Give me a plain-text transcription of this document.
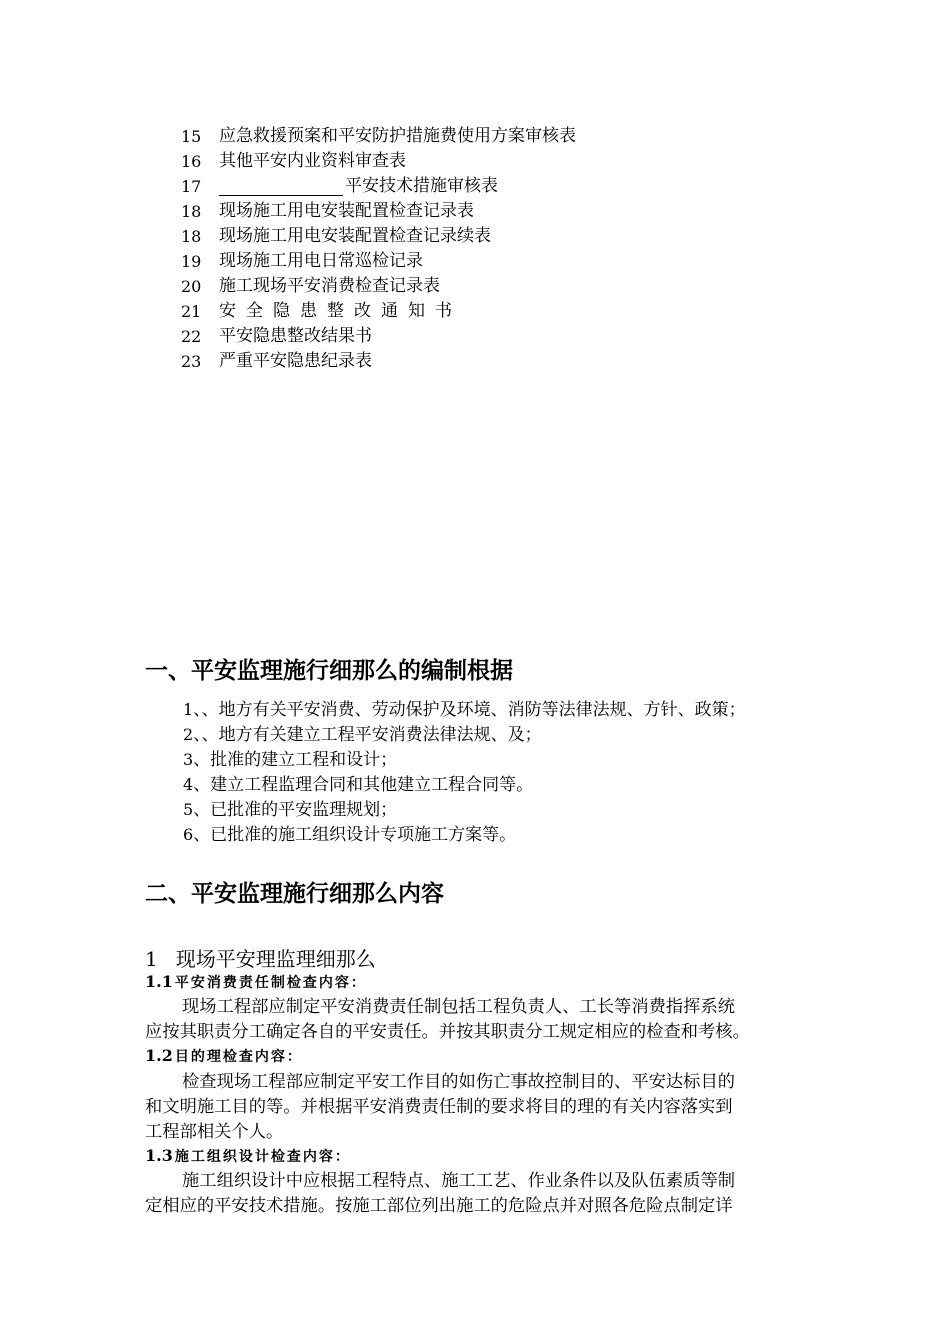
15	应急救援预案和平安防护措施费使用方案审核表
16	其他平安内业资料审查表
17	平安技术措施审核表
18	现场施工用电安装配置检查记录表
18	现场施工用电安装配置检查记录续表
19	现场施工用电日常巡检记录
20	施工现场平安消费检查记录表
21	安全隐患整改通知书
22	平安隐患整改结果书
23	严重平安隐患纪录表
一、平安监理施行细那么的编制根据
1、、地方有关平安消费、劳动保护及环境、消防等法律法规、方针、政策；
2、、地方有关建立工程平安消费法律法规、及；
3、批准的建立工程和设计；
4、建立工程监理合同和其他建立工程合同等。
5、已批准的平安监理规划；
6、已批准的施工组织设计专项施工方案等。
二、平安监理施行细那么内容
1 现场平安理监理细那么
1.1 平安消费责任制检查内容：
现场工程部应制定平安消费责任制包括工程负责人、工长等消费指挥系统
应按其职责分工确定各自的平安责任。并按其职责分工规定相应的检查和考核。
1.2 目的理检查内容：
检查现场工程部应制定平安工作目的如伤亡事故控制目的、平安达标目的
和文明施工目的等。并根据平安消费责任制的要求将目的理的有关内容落实到
工程部相关个人。
1.3 施工组织设计检查内容：
施工组织设计中应根据工程特点、施工工艺、作业条件以及队伍素质等制
定相应的平安技术措施。按施工部位列出施工的危险点并对照各危险点制定详
